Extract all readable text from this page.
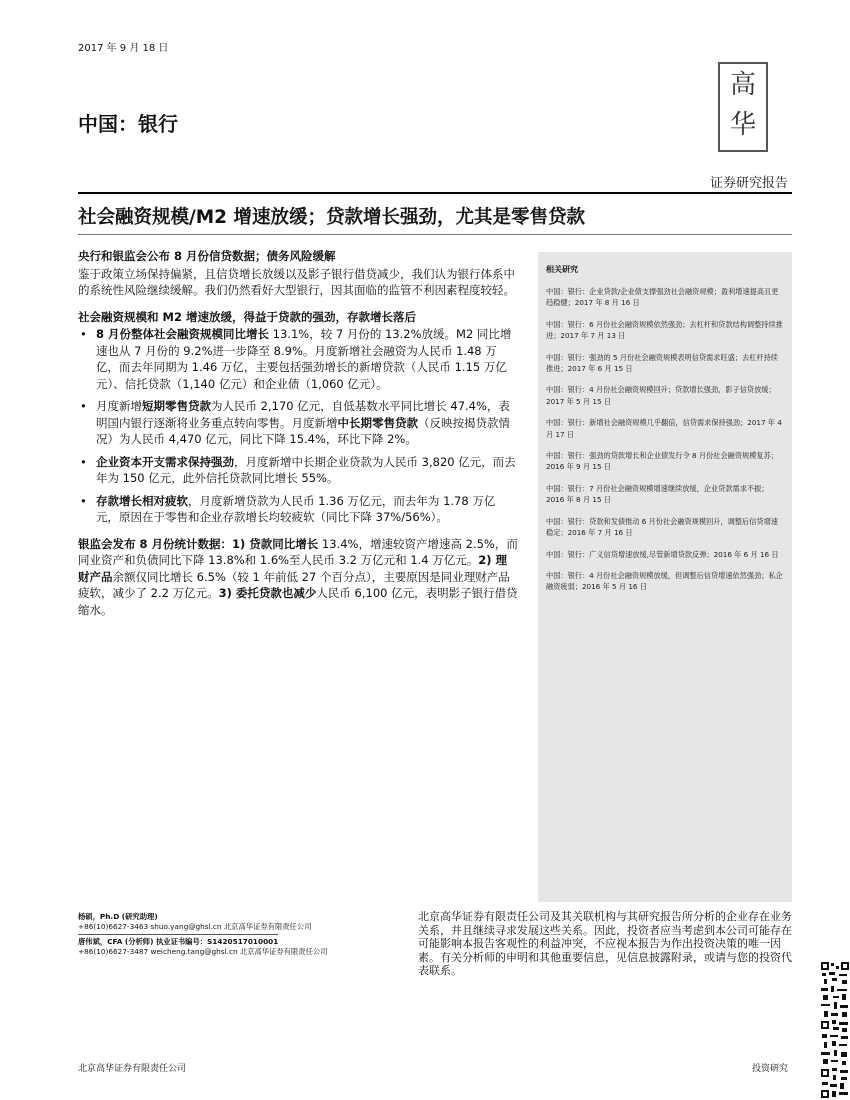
2017 年 9 月 18 日
中国：银行
高
华
证券研究报告
社会融资规模/M2 增速放缓；贷款增长强劲，尤其是零售贷款
央行和银监会公布 8 月份信贷数据；债务风险缓解

鉴于政策立场保持偏紧，且信贷增长放缓以及影子银行借贷减少，我们认为银行体系中的系统性风险继续缓解。我们仍然看好大型银行，因其面临的监管不利因素程度较轻。

社会融资规模和 M2 增速放缓，得益于贷款的强劲，存款增长落后
• 8 月份整体社会融资规模同比增长 13.1%，较 7 月份的 13.2%放缓。M2 同比增速也从 7 月份的 9.2%进一步降至 8.9%。月度新增社会融资为人民币 1.48 万亿，而去年同期为 1.46 万亿，主要包括强劲增长的新增贷款（人民币 1.15 万亿元）、信托贷款（1,140 亿元）和企业债（1,060 亿元）。
• 月度新增短期零售贷款为人民币 2,170 亿元，自低基数水平同比增长 47.4%，表明国内银行逐渐将业务重点转向零售。月度新增中长期零售贷款（反映按揭贷款情况）为人民币 4,470 亿元，同比下降 15.4%，环比下降 2%。
• 企业资本开支需求保持强劲，月度新增中长期企业贷款为人民币 3,820 亿元，而去年为 150 亿元，此外信托贷款同比增长 55%。
• 存款增长相对疲软，月度新增贷款为人民币 1.36 万亿元，而去年为 1.78 万亿元，原因在于零售和企业存款增长均较疲软（同比下降 37%/56%）。

银监会发布 8 月份统计数据：1) 贷款同比增长 13.4%，增速较资产增速高 2.5%，而同业资产和负债同比下降 13.8%和 1.6%至人民币 3.2 万亿元和 1.4 万亿元。2) 理财产品余额仅同比增长 6.5%（较 1 年前低 27 个百分点），主要原因是同业理财产品疲软，减少了 2.2 万亿元。3) 委托贷款也减少人民币 6,100 亿元，表明影子银行借贷缩水。

相关研究
中国：银行：企业贷款/企业债支撑强劲社会融资规模；盈利增速提高且更趋稳健；2017 年 8 月 16 日
中国：银行：6 月份社会融资规模依然强劲；去杠杆和贷款结构调整持续推进；2017 年 7 月 13 日
中国：银行：强劲的 5 月份社会融资规模表明信贷需求旺盛；去杠杆持续推进；2017 年 6 月 15 日
中国：银行：4 月份社会融资规模回升；贷款增长强劲，影子信贷放缓；2017 年 5 月 15 日
中国：银行：新增社会融资规模几乎翻倍，信贷需求保持强劲；2017 年 4 月 17 日
中国：银行：强劲的贷款增长和企业债发行令 8 月份社会融资规模复苏；2016 年 9 月 15 日
中国：银行：7 月份社会融资规模增速继续放缓，企业贷款需求不振；2016 年 8 月 15 日
中国：银行：贷款和发债推动 6 月份社会融资规模回升，调整后信贷增速稳定；2016 年 7 月 16 日
中国：银行：广义信贷增速放缓,尽管新增贷款反弹；2016 年 6 月 16 日
中国：银行：4 月份社会融资规模放缓，但调整后信贷增速依然强劲；私企融资疲弱；2016 年 5 月 16 日
杨硕，Ph.D (研究助理)
+86(10)6627-3463 shuo.yang@ghsl.cn 北京高华证券有限责任公司
唐伟斌，CFA (分析师) 执业证书编号：S1420517010001
+86(10)6627-3487 weicheng.tang@ghsl.cn 北京高华证券有限责任公司
北京高华证券有限责任公司及其关联机构与其研究报告所分析的企业存在业务关系，并且继续寻求发展这些关系。因此，投资者应当考虑到本公司可能存在可能影响本报告客观性的利益冲突，不应视本报告为作出投资决策的唯一因素。有关分析师的申明和其他重要信息，见信息披露附录，或请与您的投资代表联系。
北京高华证券有限责任公司	投资研究
